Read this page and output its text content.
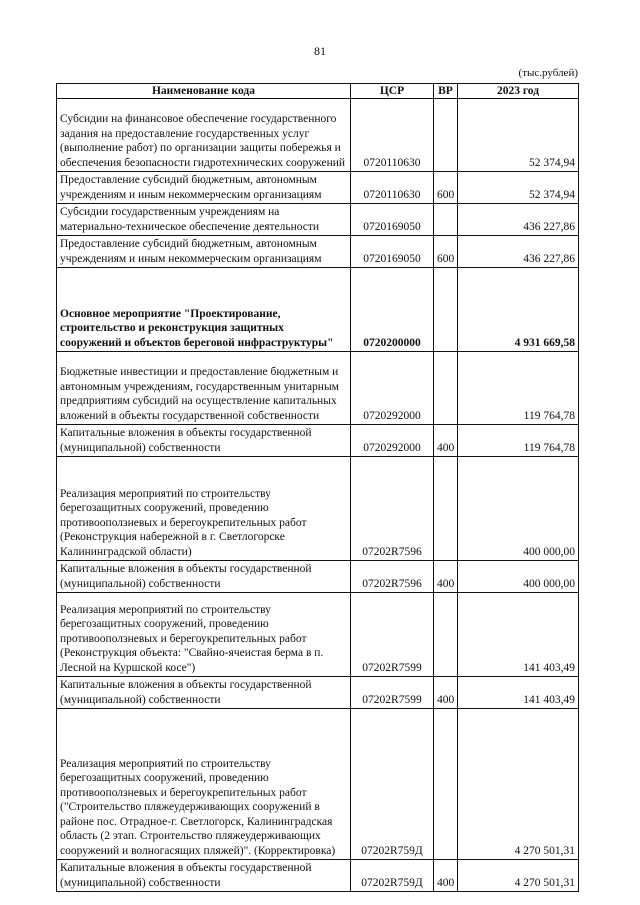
81
(тыс.рублей)
Наименование кода	ЦСР	ВР	2023 год
Субсидии на финансовое обеспечение государственного задания на предоставление государственных услуг (выполнение работ) по организации защиты побережья и обеспечения безопасности гидротехнических сооружений	0720110630		52 374,94
Предоставление субсидий бюджетным, автономным учреждениям и иным некоммерческим организациям	0720110630	600	52 374,94
Субсидии государственным учреждениям на материально-техническое обеспечение деятельности	0720169050		436 227,86
Предоставление субсидий бюджетным, автономным учреждениям и иным некоммерческим организациям	0720169050	600	436 227,86
Основное мероприятие "Проектирование, строительство и реконструкция защитных сооружений и объектов береговой инфраструктуры"	0720200000		4 931 669,58
Бюджетные инвестиции и предоставление бюджетным и автономным учреждениям, государственным унитарным предприятиям субсидий на осуществление капитальных вложений в объекты государственной собственности	0720292000		119 764,78
Капитальные вложения в объекты государственной (муниципальной) собственности	0720292000	400	119 764,78
Реализация мероприятий по строительству берегозащитных сооружений, проведению противооползневых и берегоукрепительных работ (Реконструкция набережной в г. Светлогорске Калининградской области)	07202R7596		400 000,00
Капитальные вложения в объекты государственной (муниципальной) собственности	07202R7596	400	400 000,00
Реализация мероприятий по строительству берегозащитных сооружений, проведению противооползневых и берегоукрепительных работ (Реконструкция объекта: "Свайно-ячеистая берма в п. Лесной на Куршской косе")	07202R7599		141 403,49
Капитальные вложения в объекты государственной (муниципальной) собственности	07202R7599	400	141 403,49
Реализация мероприятий по строительству берегозащитных сооружений, проведению противооползневых и берегоукрепительных работ ("Строительство пляжеудерживающих сооружений в районе пос. Отрадное-г. Светлогорск, Калининградская область (2 этап. Строительство пляжеудерживающих сооружений и волногасящих пляжей)". (Корректировка)	07202R759Д		4 270 501,31
Капитальные вложения в объекты государственной (муниципальной) собственности	07202R759Д	400	4 270 501,31
